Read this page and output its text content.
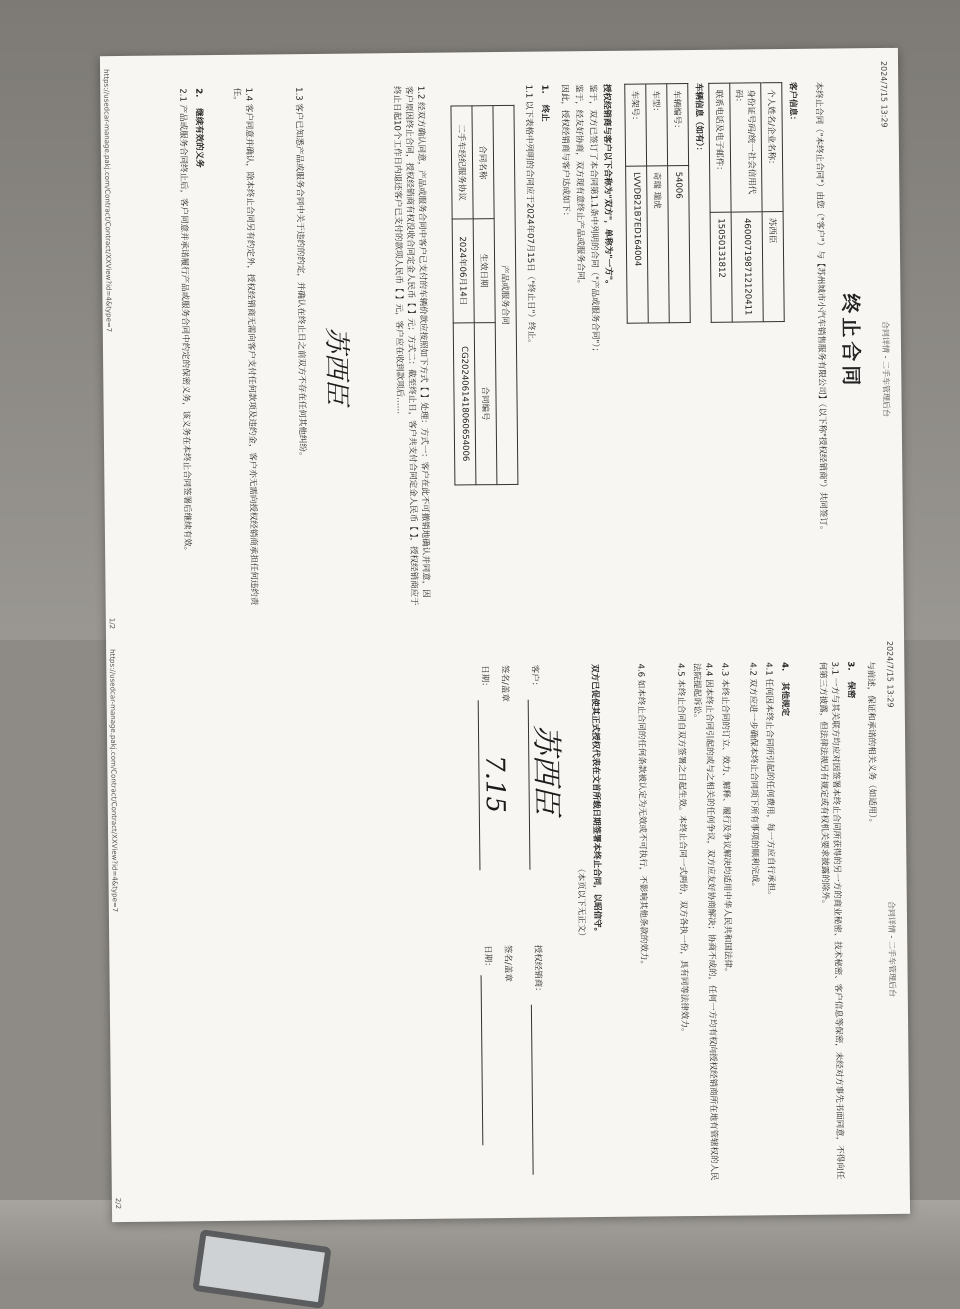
2024/7/15 13:29
合同详情 - 二手车管理后台
终止合同
本终止合同（"本终止合同"）由您（"客户"）与【苏州城市小汽车销售服务有限公司】（以下称"授权经销商"）共同签订。
客户信息：
个人姓名/企业名称：	苏西臣
身份证号码/统一社会信用代码：	460007198712120411
联系电话及电子邮件：	15050131812
车辆信息（如有）：
车辆编号：	54006
车型：	奇瑞 瑞虎
车架号：	LVVDB21B7ED164004
授权经销商与客户以下合称为"双方"，单称为"一方"。
鉴于，双方已签订了本合同第1.1条中列明的合同（"产品或服务合同"）；
鉴于，经友好协商，双方现有意终止产品或服务合同。
因此，授权经销商与客户达成如下：
1.
终止
1.1 以下表格中列明的合同应于2024年07月15日（"终止日"）终止。
产品或服务合同		
合同名称	生效日期	合同编号
二手车经纪服务协议	2024年06月14日	CG2024061418060654006
1.2 经双方确认同意，产品或服务合同中客户已支付的车辆价款应按照如下方式【 】处理：方式一：客户在此不可撤销地确认并同意，因客户原因终止合同，授权经销商有权没收合同定金人民币【 】元；方式二：截至终止日，客户共支付合同定金人民币【 】，授权经销商应于终止日起10个工作日内退还客户已支付的款项人民币【 】元，客户应在收到款项后……
苏西臣
1.3 客户已知悉产品或服务合同中关于违约的约定，并确认在终止日之前双方不存在任何其他纠纷。
1.4 客户同意并确认，除本终止合同另有约定外，授权经销商无需向客户支付任何款项及违约金，客户亦无需向授权经销商承担任何违约责任。
2.
继续有效的义务
2.1 产品或服务合同终止后，客户同意并承诺履行产品或服务合同中约定的保密义务，该义务在本终止合同签署后继续有效。
https://usedcar-manage.pakj.com/Contract/Contract/XXView?id=4&type=7
1/2
2024/7/15 13:29
合同详情 - 二手车管理后台
与前述，保证和承诺的相关义务（如适用）。
3.
保密
3.1 一方与其关联方均应对因签署本终止合同所获得的另一方的商业秘密、技术秘密、客户信息等保密，未经对方事先书面同意，不得向任何第三方披露，但法律法规另有规定或有权机关要求披露的除外。
4.
其他规定
4.1 任何因本终止合同所引起的任何费用，每一方应自行承担。
4.2 双方应进一步确保本终止合同项下所有事项的顺利完成。
4.3 本终止合同的订立、效力、解释、履行及争议解决均适用中华人民共和国法律。
4.4 因本终止合同引起的或与之相关的任何争议，双方应友好协商解决；协商不成的，任何一方均有权向授权经销商所在地有管辖权的人民法院提起诉讼。
4.5 本终止合同自双方签署之日起生效。本终止合同一式两份，双方各执一份，具有同等法律效力。
4.6 如本终止合同的任何条款被认定为无效或不可执行，不影响其他条款的效力。
双方已促使其正式授权代表在文首所载日期签署本终止合同，以昭信守。
（本页以下无正文）
客户：
苏西臣
签名/盖章
日期：
7.15
授权经销商：
签名/盖章
日期：
https://usedcar-manage.pakj.com/Contract/Contract/XXView?id=4&type=7
2/2
